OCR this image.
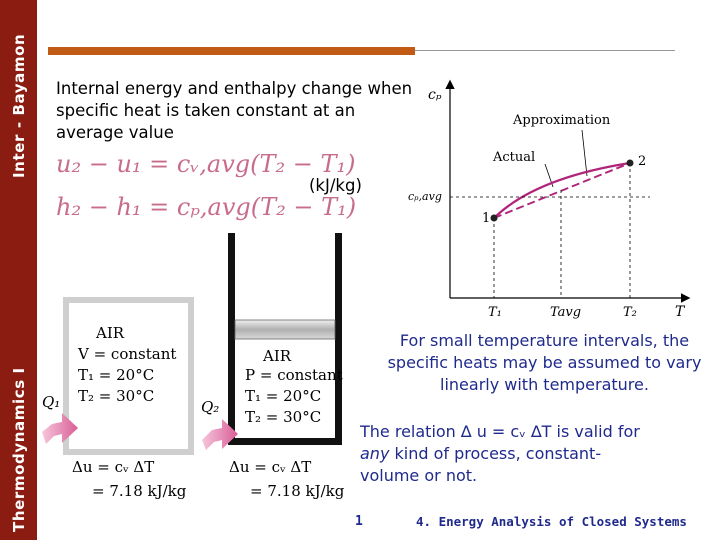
Inter - Bayamon
Thermodynamics I
Internal energy and enthalpy change when specific heat is taken constant at an average value
u₂ − u₁ = cᵥ,avg(T₂ − T₁)
h₂ − h₁ = cₚ,avg(T₂ − T₁)
(kJ/kg)
cₚ
T
Approximation
Actual
1
2
cₚ,avg
T₁	Tavg	T₂
AIR
V = constant
T₁ = 20°C
T₂ = 30°C
Q₁
Δu = cᵥ ΔT
= 7.18 kJ/kg
AIR
P = constant
T₁ = 20°C
T₂ = 30°C
Q₂
Δu = cᵥ ΔT
= 7.18 kJ/kg
For small temperature intervals, the specific heats may be assumed to vary linearly with temperature.
The relation ∆ u = cᵥ ∆T is valid for any kind of process, constant-volume or not.
1	4. Energy Analysis of Closed Systems
